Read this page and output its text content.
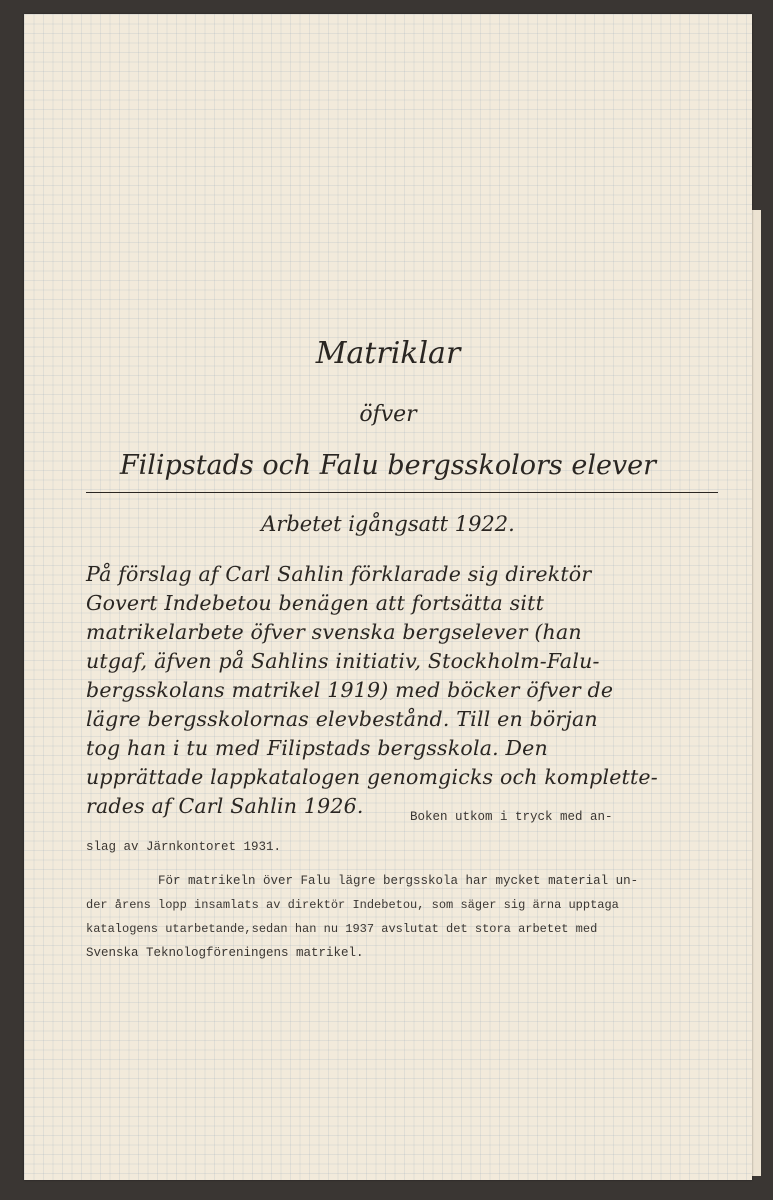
Matriklar
öfver
Filipstads och Falu bergsskolors elever
Arbetet igångsatt 1922.
På förslag af Carl Sahlin förklarade sig direktör
Govert Indebetou benägen att fortsätta sitt
matrikelarbete öfver svenska bergselever (han
utgaf, äfven på Sahlins initiativ, Stockholm-Falu-
bergsskolans matrikel 1919) med böcker öfver de
lägre bergsskolornas elevbestånd. Till en början
tog han i tu med Filipstads bergsskola. Den
upprättade lappkatalogen genomgicks och komplette-
rades af Carl Sahlin 1926.	Boken utkom i tryck med an-
slag av Järnkontoret 1931.
För matrikeln över Falu lägre bergsskola har mycket material un-
der årens lopp insamlats av direktör Indebetou, som säger sig ärna upptaga
katalogens utarbetande,sedan han nu 1937 avslutat det stora arbetet med
Svenska Teknologföreningens matrikel.
